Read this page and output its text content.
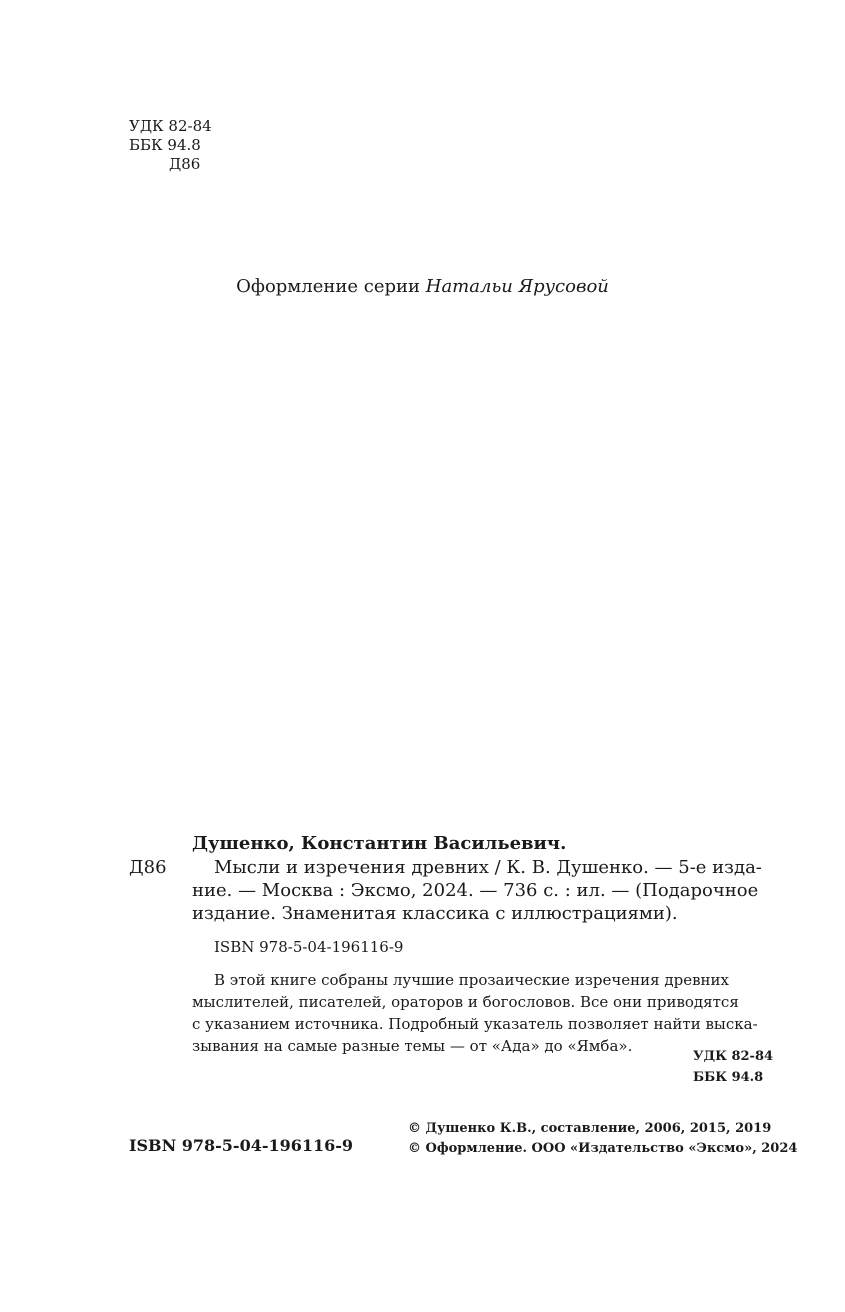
УДК 82-84
ББК 94.8
Д86
Оформление серии Натальи Ярусовой
Душенко, Константин Васильевич.
Д86	Мысли и изречения древних / К. В. Душенко. — 5-е изда-
ние. — Москва : Эксмо, 2024. — 736 с. : ил. — (Подарочное
издание. Знаменитая классика с иллюстрациями).
ISBN 978-5-04-196116-9
В этой книге собраны лучшие прозаические изречения древних
мыслителей, писателей, ораторов и богословов. Все они приводятся
с указанием источника. Подробный указатель позволяет найти выска-
зывания на самые разные темы — от «Ада» до «Ямба».
УДК 82-84
ББК 94.8
ISBN 978-5-04-196116-9
© Душенко К.В., составление, 2006, 2015, 2019
© Оформление. ООО «Издательство «Эксмо», 2024
